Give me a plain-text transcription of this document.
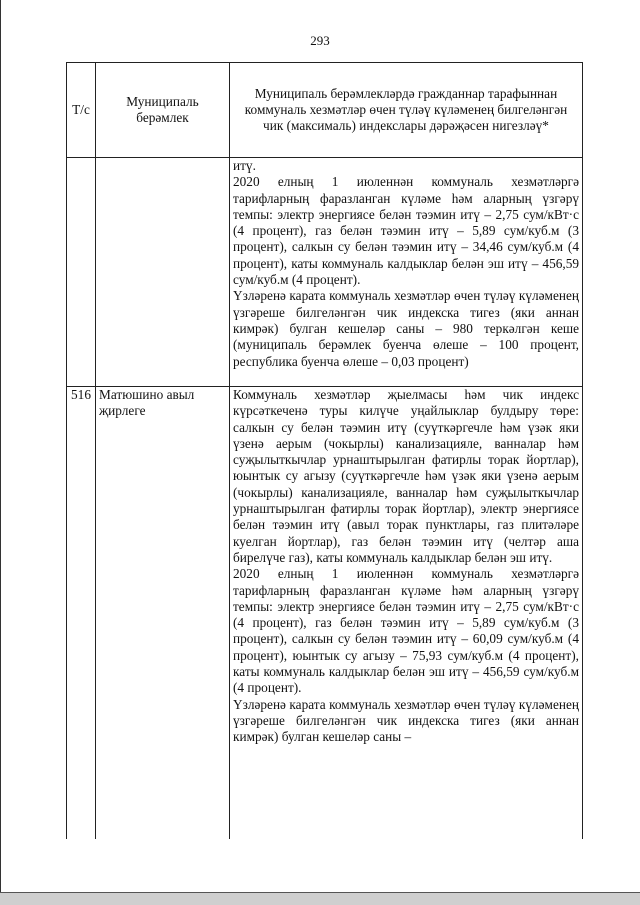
293
Т/с	Муниципаль берәмлек	Муниципаль берәмлекләрдә гражданнар тарафыннан коммуналь хезмәтләр өчен түләү күләменең билгеләнгән чик (максималь) индекслары дәрәҗәсен нигезләү*

		итү.

2020 елның 1 июленнән коммуналь хезмәтләргә тарифларның фаразланган күләме һәм аларның үзгәрү темпы: электр энергиясе белән тәэмин итү – 2,75 сум/кВт·с (4 процент), газ белән тәэмин итү – 5,89 сум/куб.м (3 процент), салкын су белән тәэмин итү – 34,46 сум/куб.м (4 процент), каты коммуналь калдыклар белән эш итү – 456,59 сум/куб.м (4 процент).

Үзләренә карата коммуналь хезмәтләр өчен түләү күләменең үзгәреше билгеләнгән чик индекска тигез (яки аннан кимрәк) булган кешеләр саны – 980 теркәлгән кеше (муниципаль берәмлек буенча өлеше – 100 процент, республика буенча өлеше – 0,03 процент)

516	Матюшино авыл җирлеге	Коммуналь хезмәтләр җыелмасы һәм чик индекс күрсәткеченә туры килүче уңайлыклар булдыру төре: салкын су белән тәэмин итү (суүткәргечле һәм үзәк яки үзенә аерым (чокырлы) канализацияле, ванналар һәм суҗылыткычлар урнаштырылган фатирлы торак йортлар), юынтык су агызу (суүткәргечле һәм үзәк яки үзенә аерым (чокырлы) канализацияле, ванналар һәм суҗылыткычлар урнаштырылган фатирлы торак йортлар), электр энергиясе белән тәэмин итү (авыл торак пунктлары, газ плитәләре куелган йортлар), газ белән тәэмин итү (челтәр аша бирелүче газ), каты коммуналь калдыклар белән эш итү.

2020 елның 1 июленнән коммуналь хезмәтләргә тарифларның фаразланган күләме һәм аларның үзгәрү темпы: электр энергиясе белән тәэмин итү – 2,75 сум/кВт·с (4 процент), газ белән тәэмин итү – 5,89 сум/куб.м (3 процент), салкын су белән тәэмин итү – 60,09 сум/куб.м (4 процент), юынтык су агызу – 75,93 сум/куб.м (4 процент), каты коммуналь калдыклар белән эш итү – 456,59 сум/куб.м (4 процент).

Үзләренә карата коммуналь хезмәтләр өчен түләү күләменең үзгәреше билгеләнгән чик индекска тигез (яки аннан кимрәк) булган кешеләр саны –
